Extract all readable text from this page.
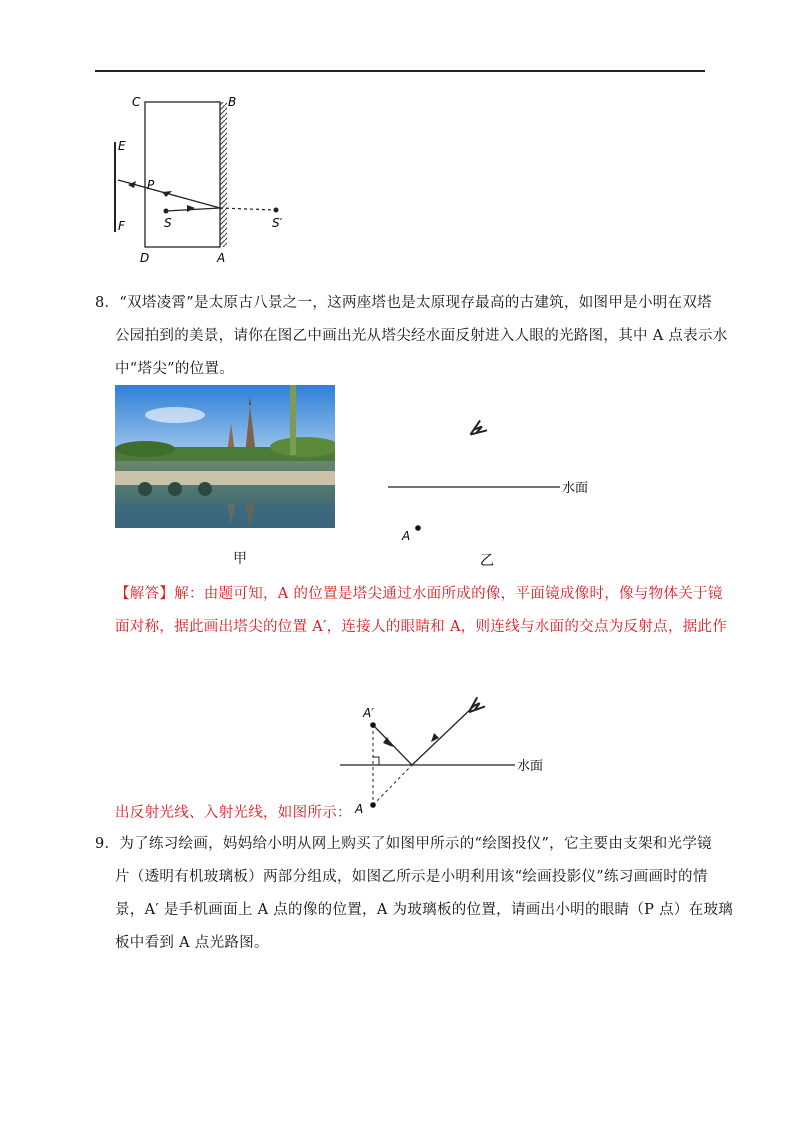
C	B
E
P
F	S	S′
D	A

8．“双塔凌霄”是太原古八景之一，这两座塔也是太原现存最高的古建筑，如图甲是小明在双塔

公园拍到的美景，请你在图乙中画出光从塔尖经水面反射进入人眼的光路图，其中 A 点表示水

中“塔尖”的位置。

甲
水面
A
乙

【解答】解：由题可知，A 的位置是塔尖通过水面所成的像，平面镜成像时，像与物体关于镜

面对称，据此画出塔尖的位置 A′，连接人的眼睛和 A，则连线与水面的交点为反射点，据此作

水面
A′
A

出反射光线、入射光线，如图所示：

9．为了练习绘画，妈妈给小明从网上购买了如图甲所示的“绘图投仪”，它主要由支架和光学镜

片（透明有机玻璃板）两部分组成，如图乙所示是小明利用该“绘画投影仪”练习画画时的情

景，A′ 是手机画面上 A 点的像的位置，A 为玻璃板的位置，请画出小明的眼睛（P 点）在玻璃

板中看到 A 点光路图。
